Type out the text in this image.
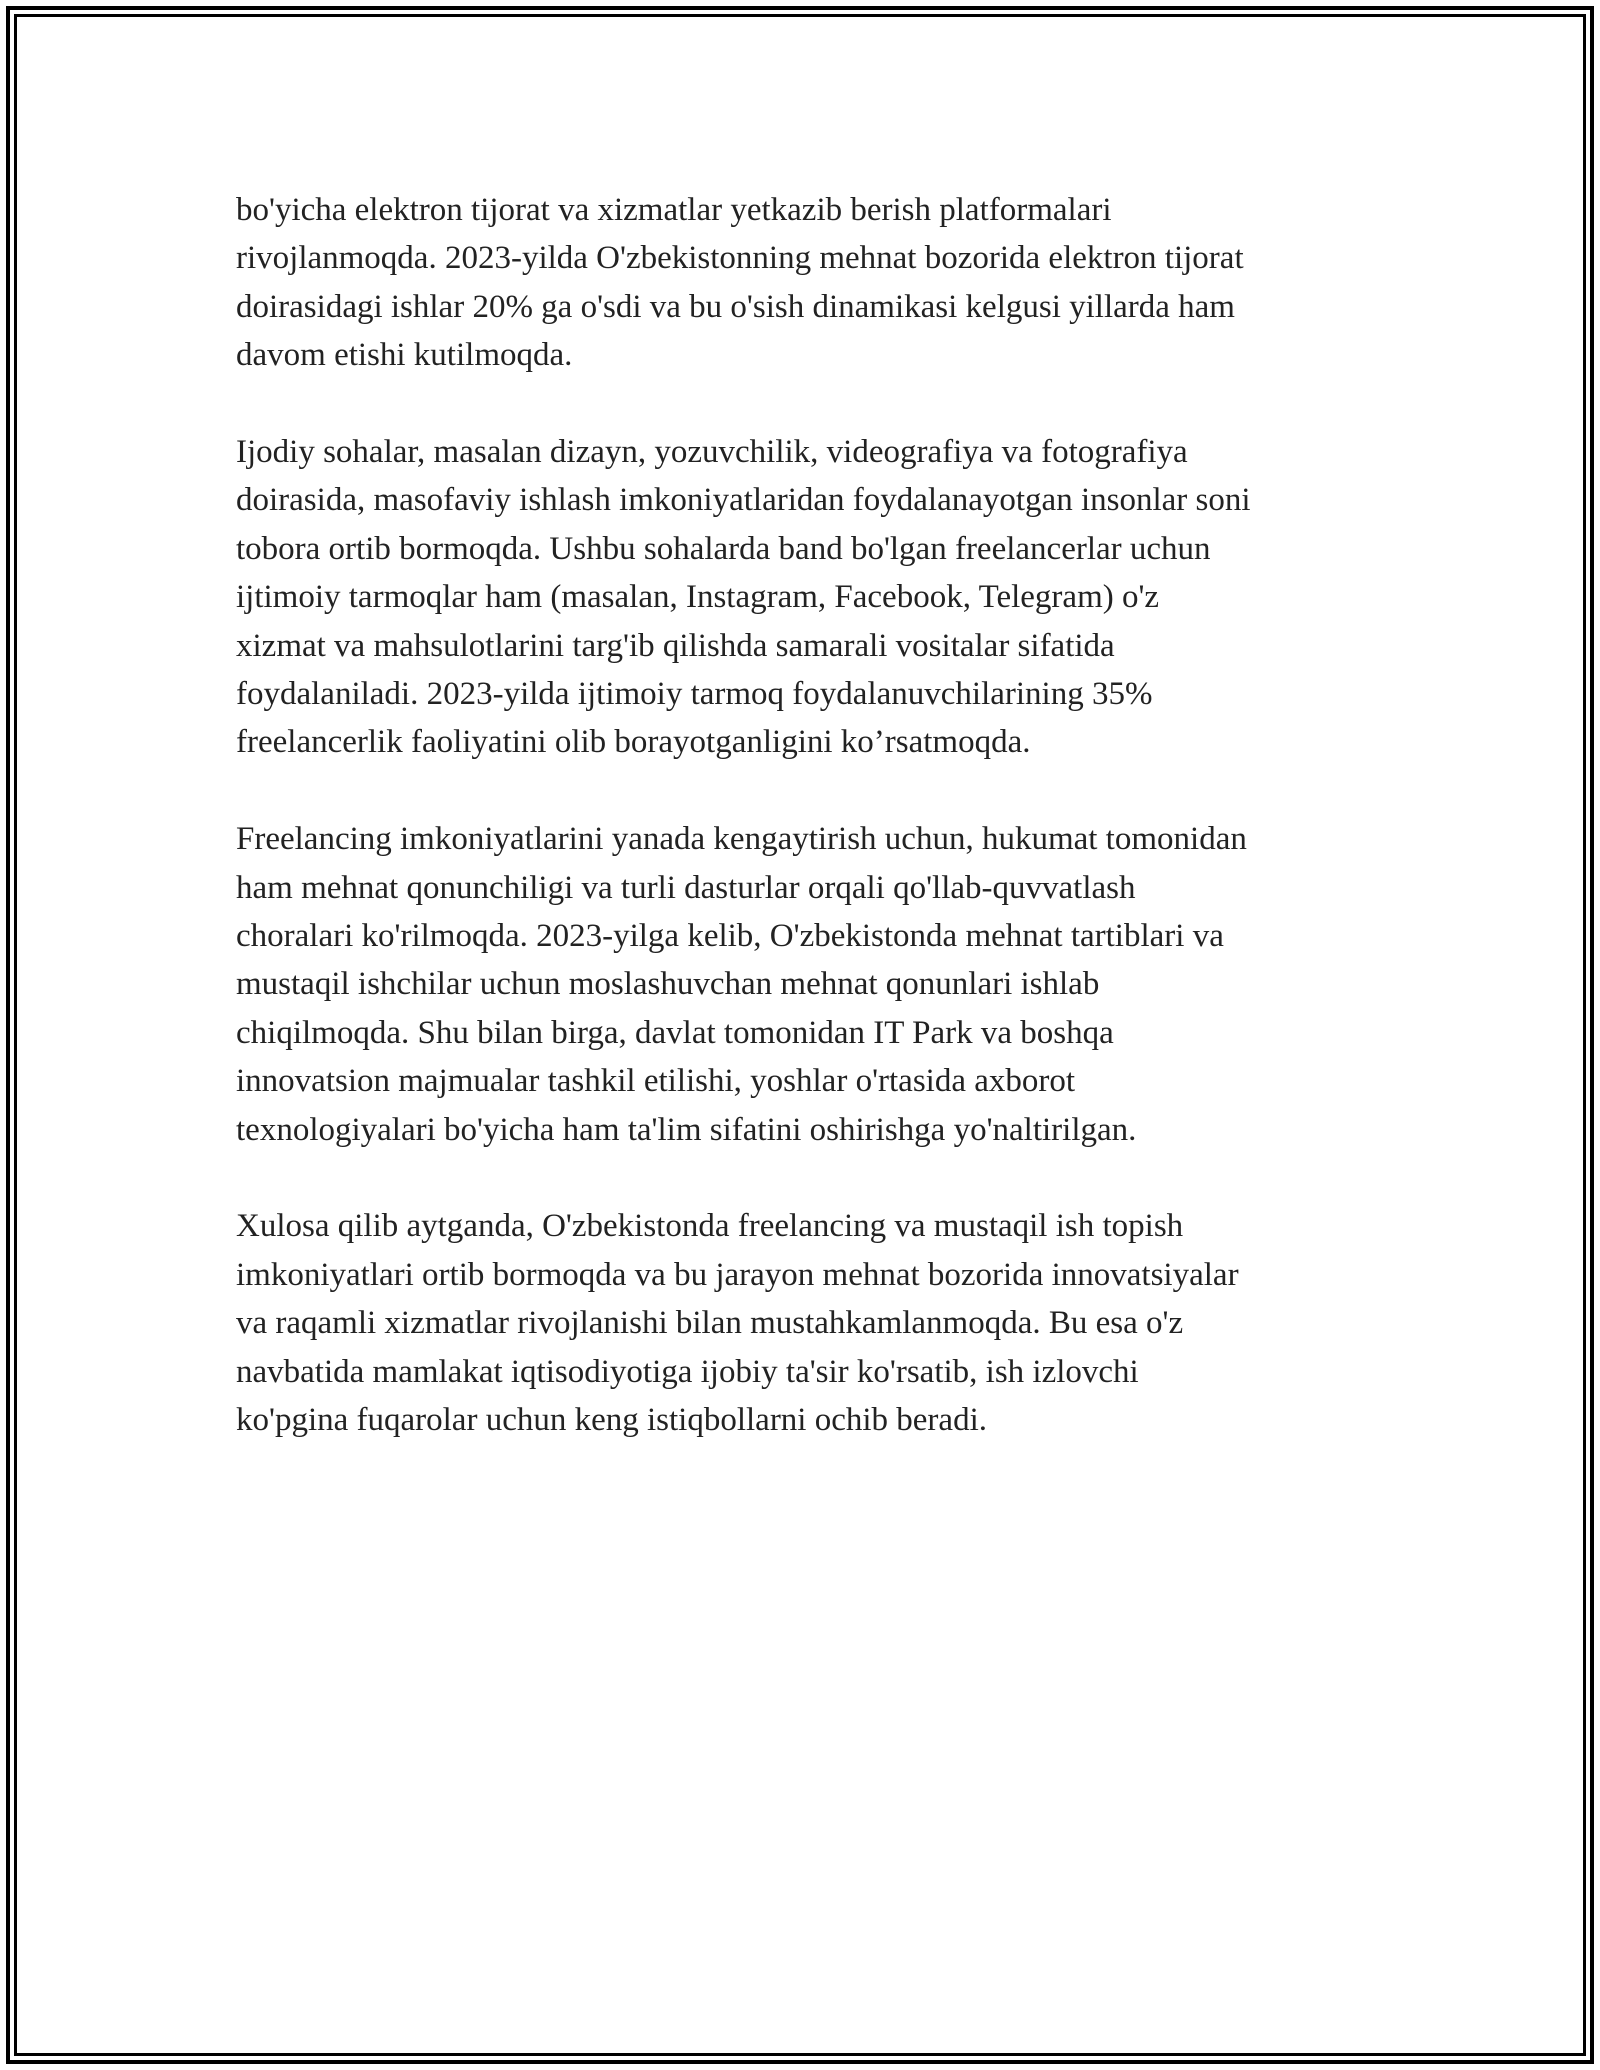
bo'yicha elektron tijorat va xizmatlar yetkazib berish platformalari
rivojlanmoqda. 2023-yilda O'zbekistonning mehnat bozorida elektron tijorat
doirasidagi ishlar 20% ga o'sdi va bu o'sish dinamikasi kelgusi yillarda ham
davom etishi kutilmoqda.
Ijodiy sohalar, masalan dizayn, yozuvchilik, videografiya va fotografiya
doirasida, masofaviy ishlash imkoniyatlaridan foydalanayotgan insonlar soni
tobora ortib bormoqda. Ushbu sohalarda band bo'lgan freelancerlar uchun
ijtimoiy tarmoqlar ham (masalan, Instagram, Facebook, Telegram) o'z
xizmat va mahsulotlarini targ'ib qilishda samarali vositalar sifatida
foydalaniladi. 2023-yilda ijtimoiy tarmoq foydalanuvchilarining 35%
freelancerlik faoliyatini olib borayotganligini ko’rsatmoqda.
Freelancing imkoniyatlarini yanada kengaytirish uchun, hukumat tomonidan
ham mehnat qonunchiligi va turli dasturlar orqali qo'llab-quvvatlash
choralari ko'rilmoqda. 2023-yilga kelib, O'zbekistonda mehnat tartiblari va
mustaqil ishchilar uchun moslashuvchan mehnat qonunlari ishlab
chiqilmoqda. Shu bilan birga, davlat tomonidan IT Park va boshqa
innovatsion majmualar tashkil etilishi, yoshlar o'rtasida axborot
texnologiyalari bo'yicha ham ta'lim sifatini oshirishga yo'naltirilgan.
Xulosa qilib aytganda, O'zbekistonda freelancing va mustaqil ish topish
imkoniyatlari ortib bormoqda va bu jarayon mehnat bozorida innovatsiyalar
va raqamli xizmatlar rivojlanishi bilan mustahkamlanmoqda. Bu esa o'z
navbatida mamlakat iqtisodiyotiga ijobiy ta'sir ko'rsatib, ish izlovchi
ko'pgina fuqarolar uchun keng istiqbollarni ochib beradi.
